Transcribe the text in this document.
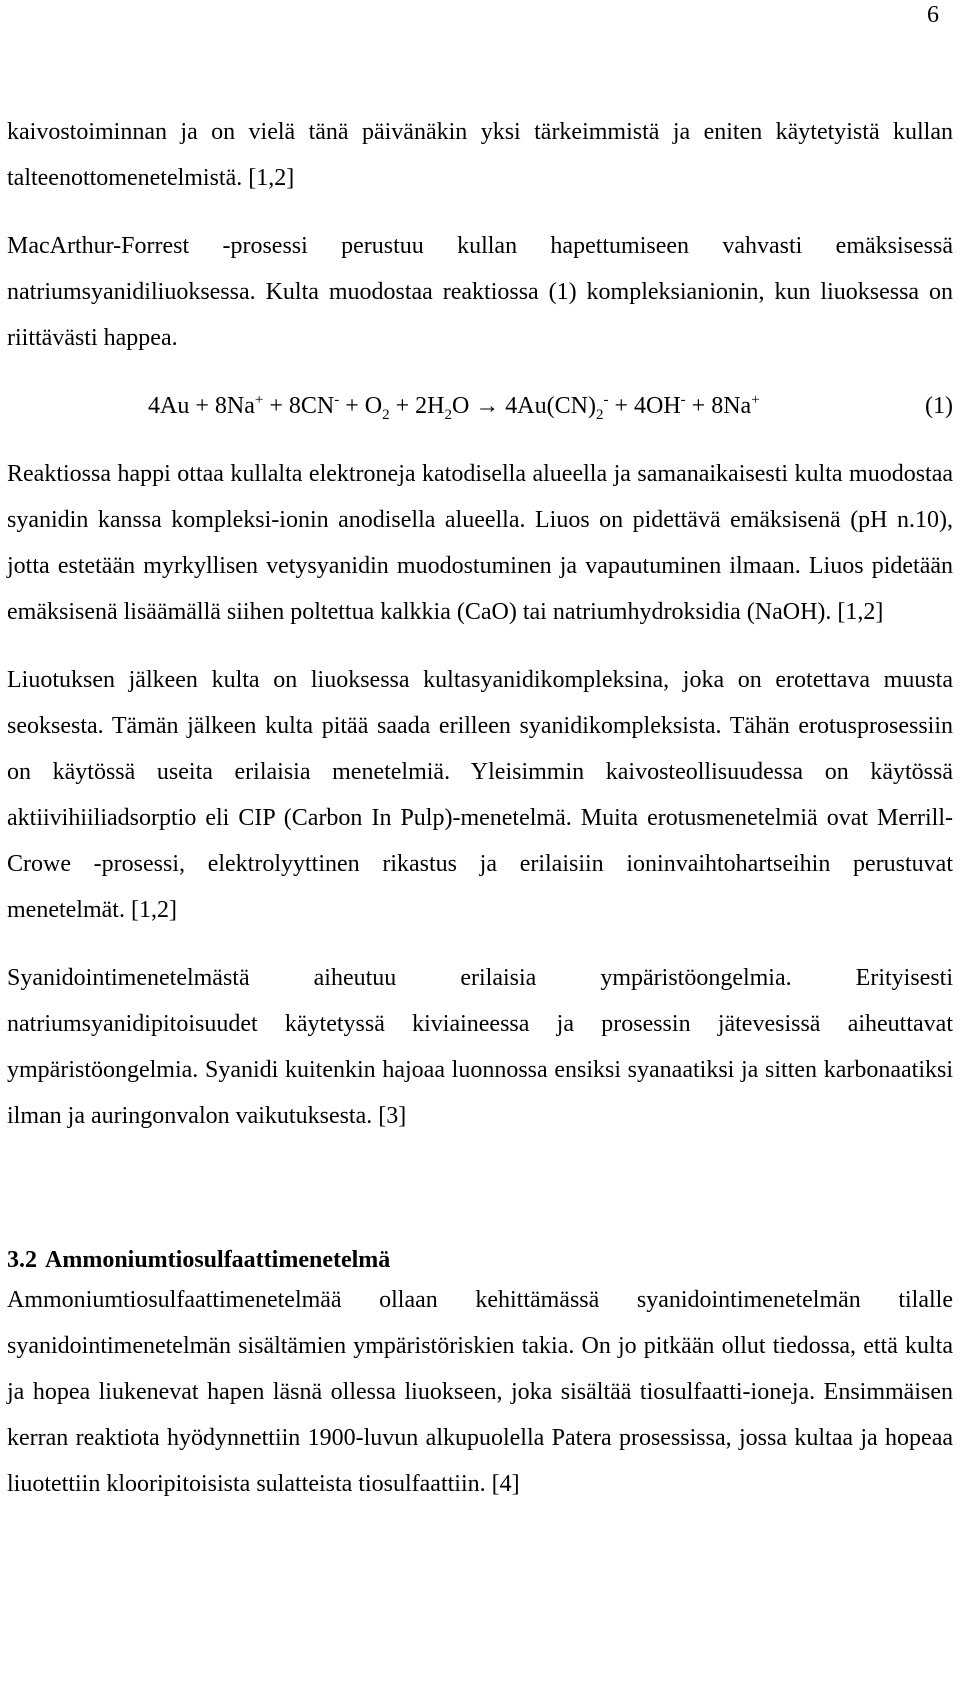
6

kaivostoiminnan ja on vielä tänä päivänäkin yksi tärkeimmistä ja eniten käytetyistä kullan talteenottomenetelmistä. [1,2]

MacArthur-Forrest -prosessi perustuu kullan hapettumiseen vahvasti emäksisessä natriumsyanidiliuoksessa. Kulta muodostaa reaktiossa (1) kompleksianionin, kun liuoksessa on riittävästi happea.

$4Au + 8Na^+ + 8CN^- + O_2 + 2H_2O \to 4Au(CN)_2^- + 4OH^- + 8Na^+$	(1)

Reaktiossa happi ottaa kullalta elektroneja katodisella alueella ja samanaikaisesti kulta muodostaa syanidin kanssa kompleksi-ionin anodisella alueella. Liuos on pidettävä emäksisenä (pH n.10), jotta estetään myrkyllisen vetysyanidin muodostuminen ja vapautuminen ilmaan. Liuos pidetään emäksisenä lisäämällä siihen poltettua kalkkia (CaO) tai natriumhydroksidia (NaOH). [1,2]

Liuotuksen jälkeen kulta on liuoksessa kultasyanidikompleksina, joka on erotettava muusta seoksesta. Tämän jälkeen kulta pitää saada erilleen syanidikompleksista. Tähän erotusprosessiin on käytössä useita erilaisia menetelmiä. Yleisimmin kaivosteollisuudessa on käytössä aktiivihiiliadsorptio eli CIP (Carbon In Pulp)-menetelmä. Muita erotusmenetelmiä ovat Merrill-Crowe -prosessi, elektrolyyttinen rikastus ja erilaisiin ioninvaihtohartseihin perustuvat menetelmät. [1,2]

Syanidointimenetelmästä aiheutuu erilaisia ympäristöongelmia. Erityisesti natriumsyanidipitoisuudet käytetyssä kiviaineessa ja prosessin jätevesissä aiheuttavat ympäristöongelmia. Syanidi kuitenkin hajoaa luonnossa ensiksi syanaatiksi ja sitten karbonaatiksi ilman ja auringonvalon vaikutuksesta. [3]

3.2 Ammoniumtiosulfaattimenetelmä

Ammoniumtiosulfaattimenetelmää ollaan kehittämässä syanidointimenetelmän tilalle syanidointimenetelmän sisältämien ympäristöriskien takia. On jo pitkään ollut tiedossa, että kulta ja hopea liukenevat hapen läsnä ollessa liuokseen, joka sisältää tiosulfaatti-ioneja. Ensimmäisen kerran reaktiota hyödynnettiin 1900-luvun alkupuolella Patera prosessissa, jossa kultaa ja hopeaa liuotettiin klooripitoisista sulatteista tiosulfaattiin. [4]
